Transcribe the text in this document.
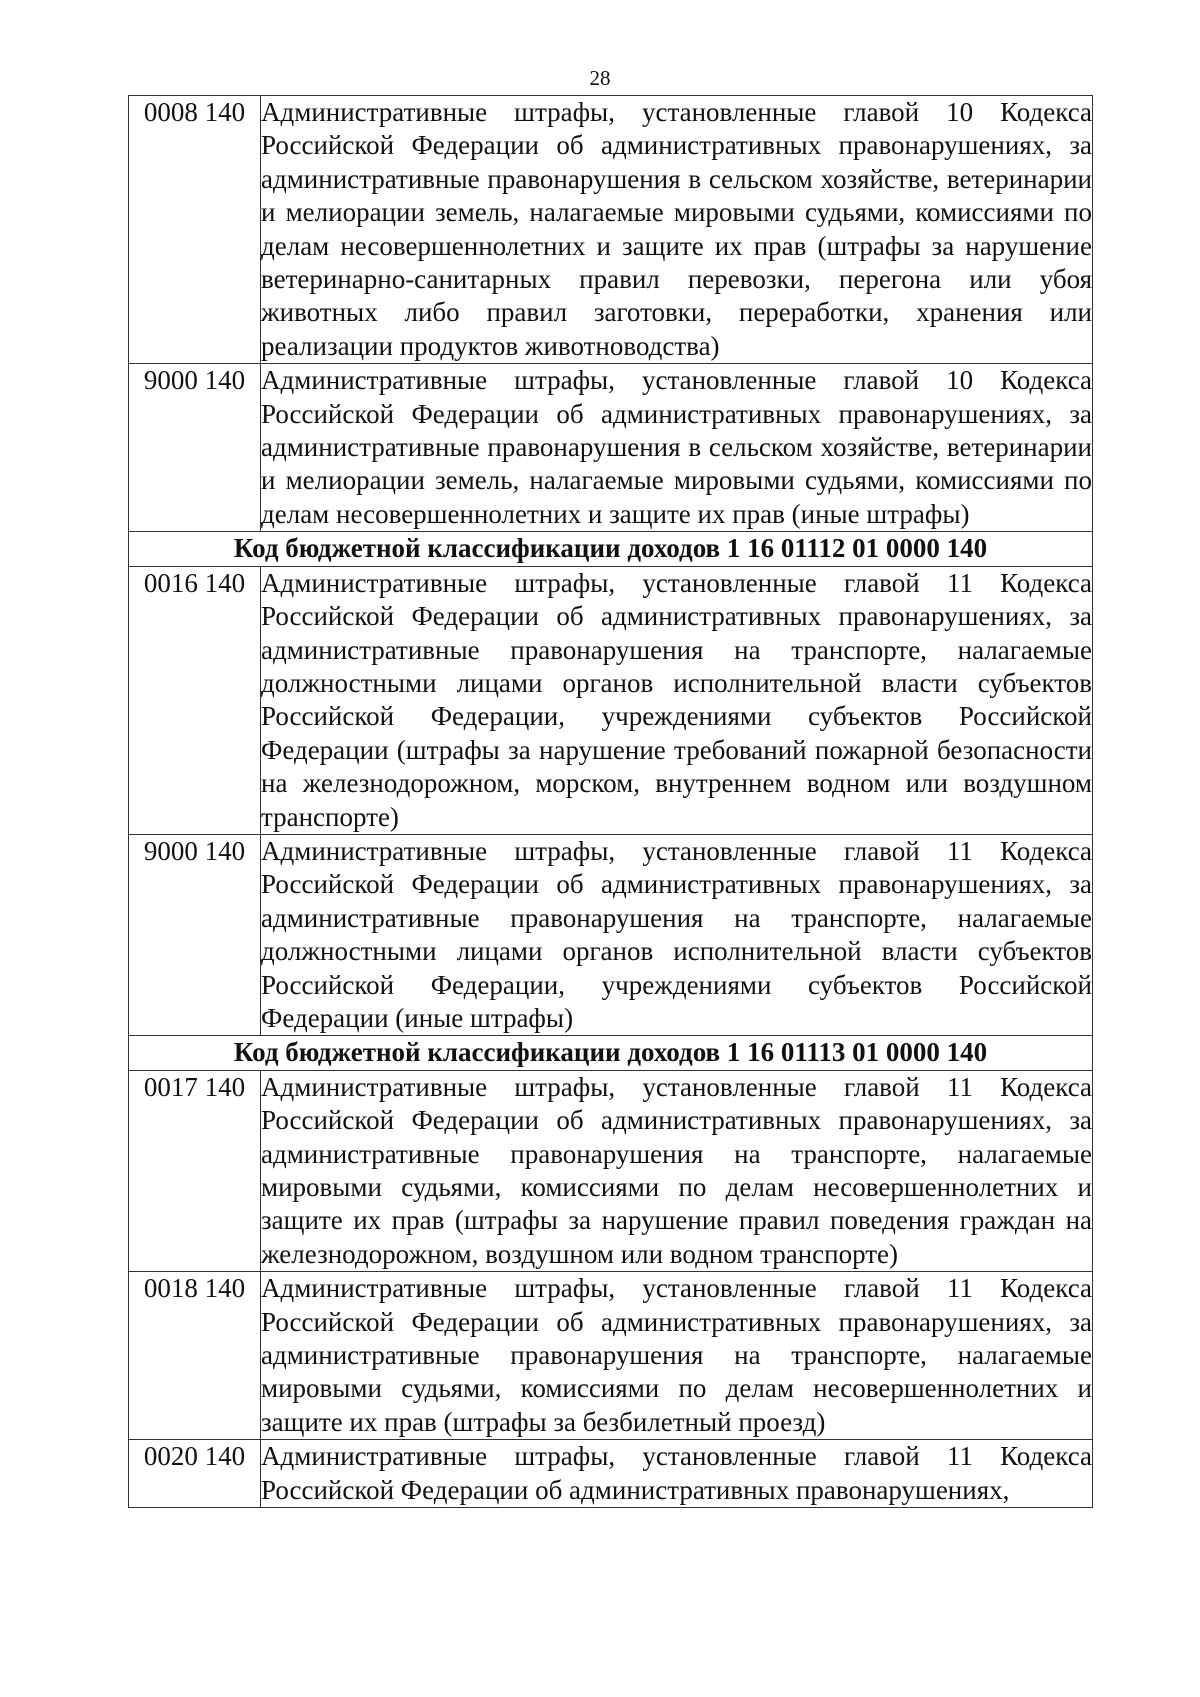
28
0008 140	Административные штрафы, установленные главой 10 Кодекса Российской Федерации об административных правонарушениях, за административные правонарушения в сельском хозяйстве, ветеринарии и мелиорации земель, налагаемые мировыми судьями, комиссиями по делам несовершеннолетних и защите их прав (штрафы за нарушение ветеринарно-санитарных правил перевозки, перегона или убоя животных либо правил заготовки, переработки, хранения или реализации продуктов животноводства)
9000 140	Административные штрафы, установленные главой 10 Кодекса Российской Федерации об административных правонарушениях, за административные правонарушения в сельском хозяйстве, ветеринарии и мелиорации земель, налагаемые мировыми судьями, комиссиями по делам несовершеннолетних и защите их прав (иные штрафы)
Код бюджетной классификации доходов 1 16 01112 01 0000 140	
0016 140	Административные штрафы, установленные главой 11 Кодекса Российской Федерации об административных правонарушениях, за административные правонарушения на транспорте, налагаемые должностными лицами органов исполнительной власти субъектов Российской Федерации, учреждениями субъектов Российской Федерации (штрафы за нарушение требований пожарной безопасности на железнодорожном, морском, внутреннем водном или воздушном транспорте)
9000 140	Административные штрафы, установленные главой 11 Кодекса Российской Федерации об административных правонарушениях, за административные правонарушения на транспорте, налагаемые должностными лицами органов исполнительной власти субъектов Российской Федерации, учреждениями субъектов Российской Федерации (иные штрафы)
Код бюджетной классификации доходов 1 16 01113 01 0000 140	
0017 140	Административные штрафы, установленные главой 11 Кодекса Российской Федерации об административных правонарушениях, за административные правонарушения на транспорте, налагаемые мировыми судьями, комиссиями по делам несовершеннолетних и защите их прав (штрафы за нарушение правил поведения граждан на железнодорожном, воздушном или водном транспорте)
0018 140	Административные штрафы, установленные главой 11 Кодекса Российской Федерации об административных правонарушениях, за административные правонарушения на транспорте, налагаемые мировыми судьями, комиссиями по делам несовершеннолетних и защите их прав (штрафы за безбилетный проезд)
0020 140	Административные штрафы, установленные главой 11 Кодекса Российской Федерации об административных правонарушениях,
